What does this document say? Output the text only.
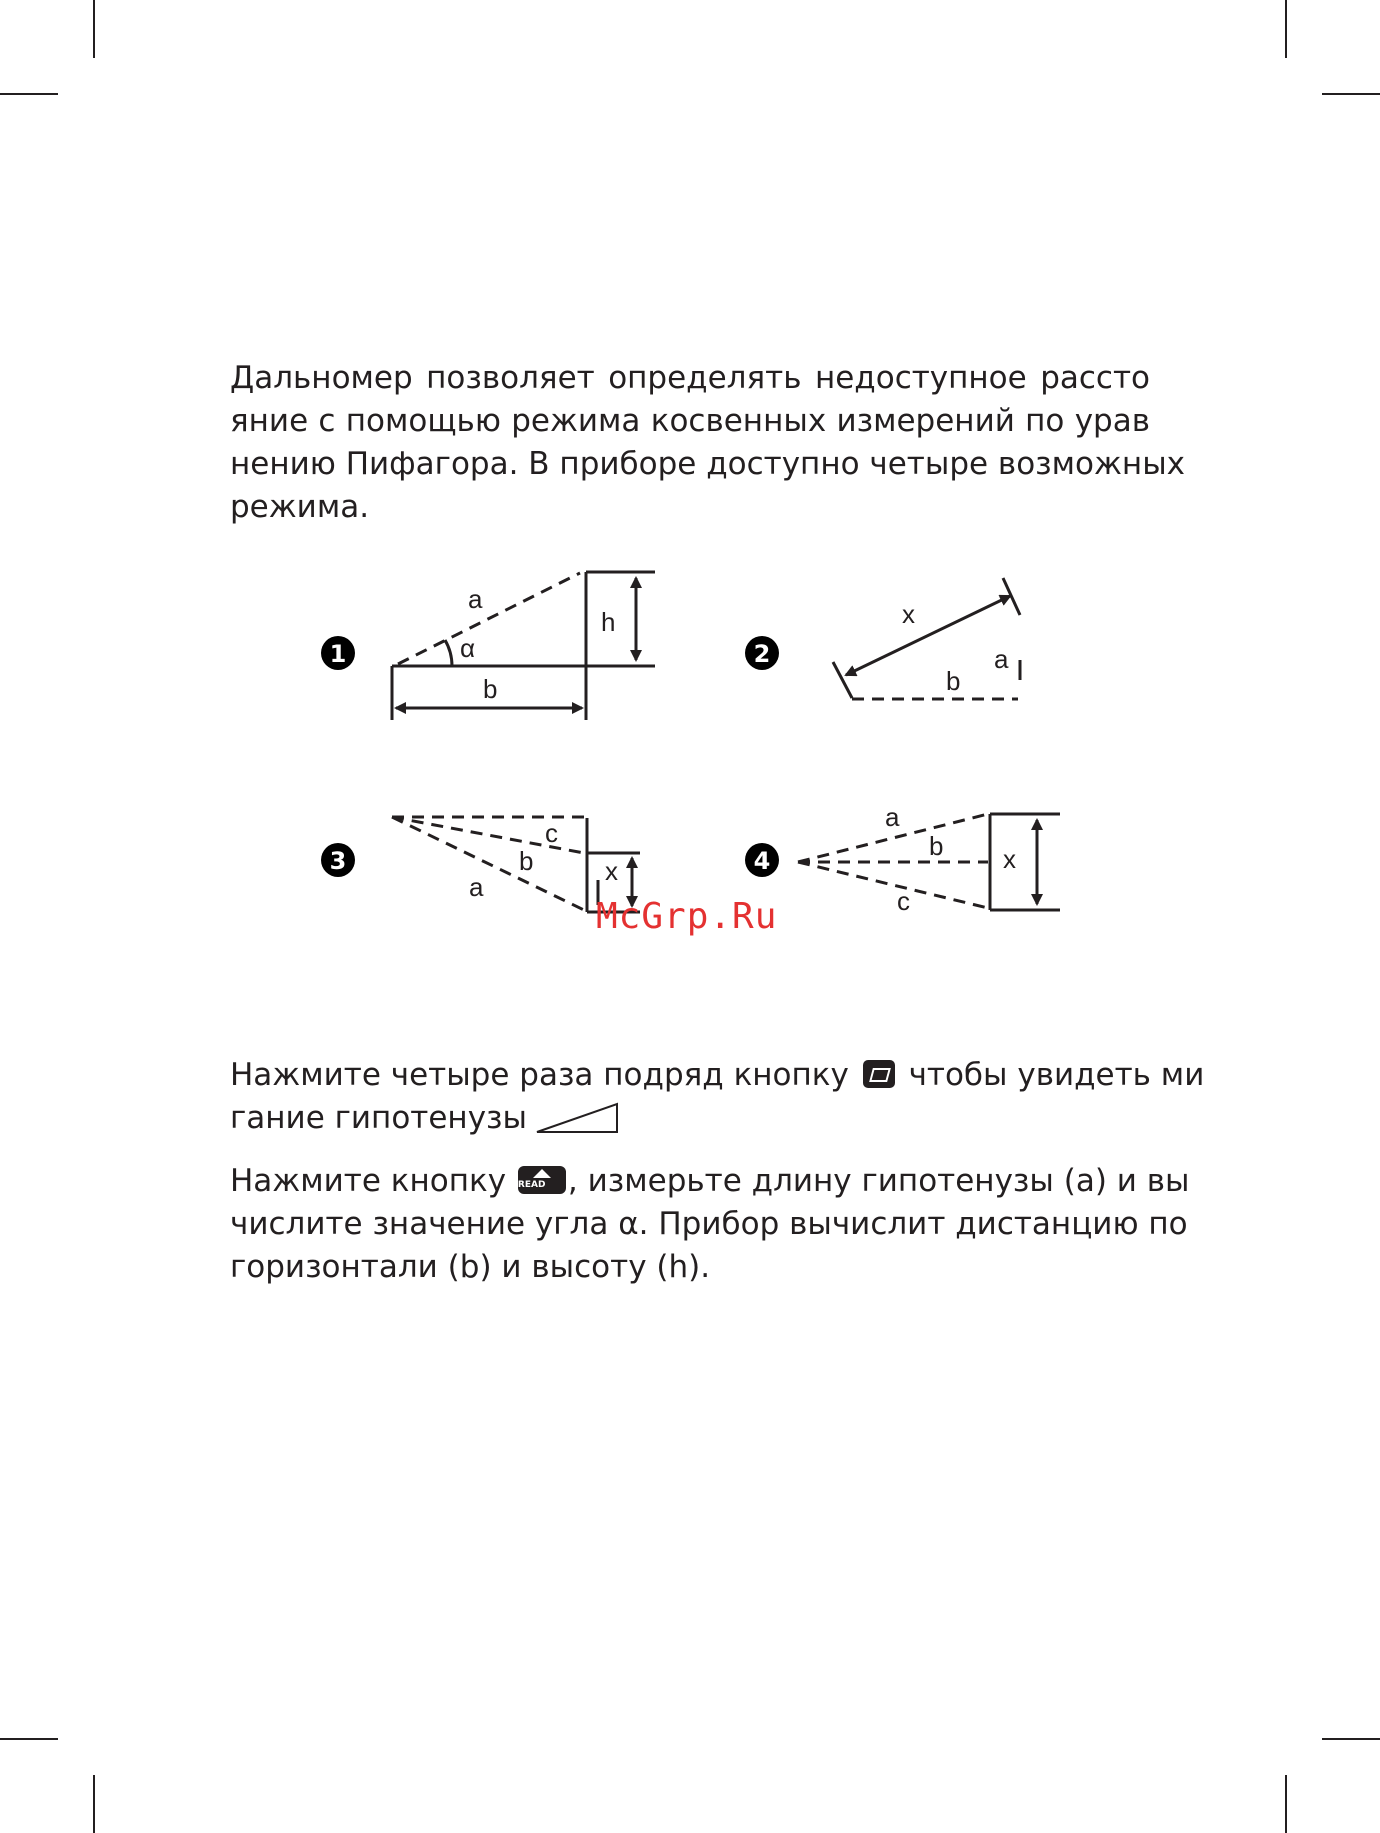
Дальномер позволяет определять недоступное рассто
яние с помощью режима косвенных измерений по урав
нению Пифагора. В приборе доступно четыре возможных
режима.

1
a
α
h
b
2
x
a
b
3
c
b
a
x	4
a
b
c
x
McGrp.Ru

Нажмите четыре раза подряд кнопку  чтобы увидеть ми
гание гипотенузы

Нажмите кнопку
READ , измерьте длину гипотенузы (a) и вы
числите значение угла α. Прибор вычислит дистанцию по
горизонтали (b) и высоту (h).
